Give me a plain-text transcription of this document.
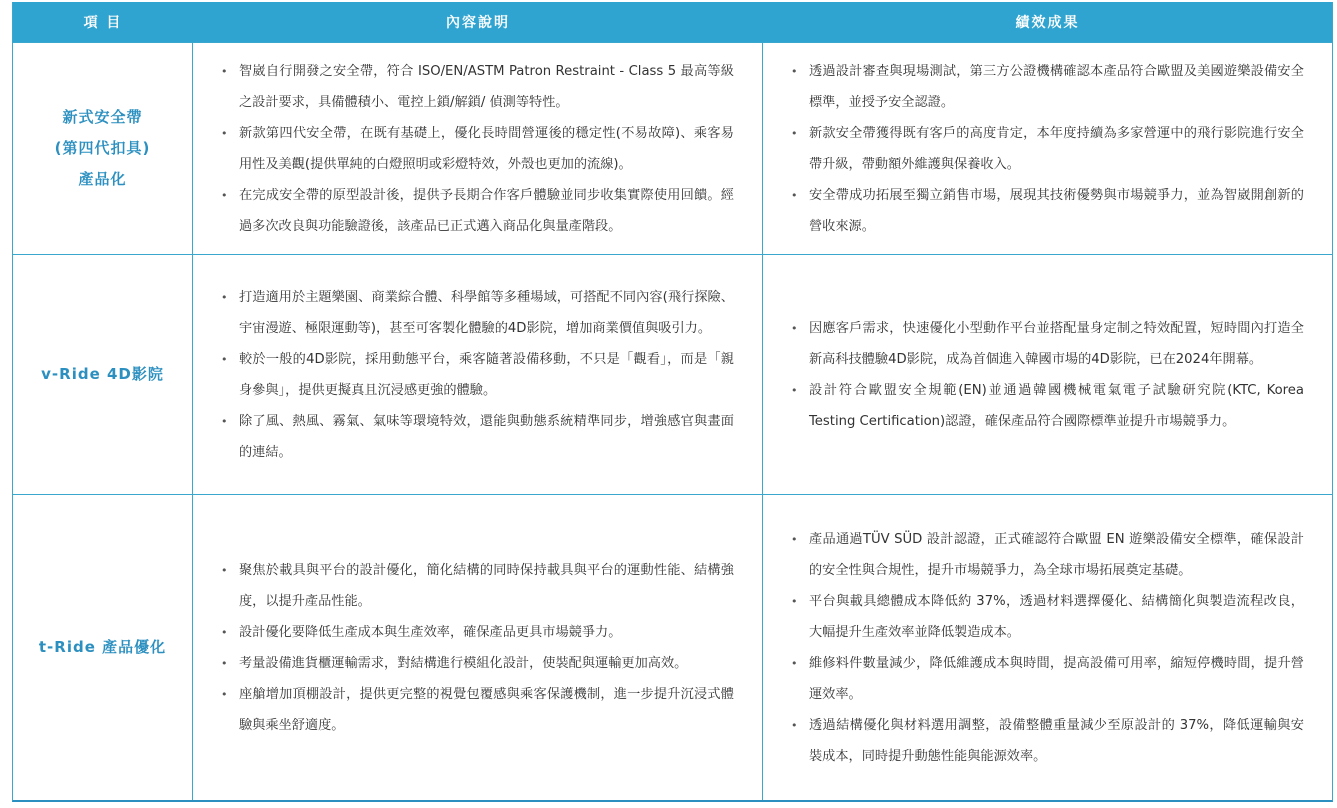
項 目	內容說明	績效成果
新式安全帶
(第四代扣具)
產品化
• 智崴自行開發之安全帶，符合 ISO/EN/ASTM Patron Restraint - Class 5 最高等級之設計要求，具備體積小、電控上鎖/解鎖/ 偵測等特性。
• 新款第四代安全帶，在既有基礎上，優化長時間營運後的穩定性(不易故障)、乘客易用性及美觀(提供單純的白燈照明或彩燈特效，外殼也更加的流線)。
• 在完成安全帶的原型設計後，提供予長期合作客戶體驗並同步收集實際使用回饋。經過多次改良與功能驗證後，該產品已正式邁入商品化與量產階段。
• 透過設計審查與現場測試，第三方公證機構確認本產品符合歐盟及美國遊樂設備安全標準，並授予安全認證。
• 新款安全帶獲得既有客戶的高度肯定，本年度持續為多家營運中的飛行影院進行安全帶升級，帶動額外維護與保養收入。
• 安全帶成功拓展至獨立銷售市場，展現其技術優勢與市場競爭力，並為智崴開創新的營收來源。
v-Ride 4D影院
• 打造適用於主題樂園、商業綜合體、科學館等多種場域，可搭配不同內容(飛行探險、宇宙漫遊、極限運動等)，甚至可客製化體驗的4D影院，增加商業價值與吸引力。
• 較於一般的4D影院，採用動態平台，乘客隨著設備移動，不只是「觀看」，而是「親身參與」，提供更擬真且沉浸感更強的體驗。
• 除了風、熱風、霧氣、氣味等環境特效，還能與動態系統精準同步，增強感官與畫面的連結。
• 因應客戶需求，快速優化小型動作平台並搭配量身定制之特效配置，短時間內打造全新高科技體驗4D影院，成為首個進入韓國市場的4D影院，已在2024年開幕。
• 設計符合歐盟安全規範(EN)並通過韓國機械電氣電子試驗研究院(KTC, Korea Testing Certification)認證，確保產品符合國際標準並提升市場競爭力。
t-Ride 產品優化
• 聚焦於載具與平台的設計優化，簡化結構的同時保持載具與平台的運動性能、結構強度，以提升產品性能。
• 設計優化要降低生產成本與生產效率，確保產品更具市場競爭力。
• 考量設備進貨櫃運輸需求，對結構進行模組化設計，使裝配與運輸更加高效。
• 座艙增加頂棚設計，提供更完整的視覺包覆感與乘客保護機制，進一步提升沉浸式體驗與乘坐舒適度。
• 產品通過TÜV SÜD 設計認證，正式確認符合歐盟 EN 遊樂設備安全標準，確保設計的安全性與合規性，提升市場競爭力，為全球市場拓展奠定基礎。
• 平台與載具總體成本降低約 37%，透過材料選擇優化、結構簡化與製造流程改良，大幅提升生產效率並降低製造成本。
• 維修料件數量減少，降低維護成本與時間，提高設備可用率，縮短停機時間，提升營運效率。
• 透過結構優化與材料選用調整，設備整體重量減少至原設計的 37%，降低運輸與安裝成本，同時提升動態性能與能源效率。
